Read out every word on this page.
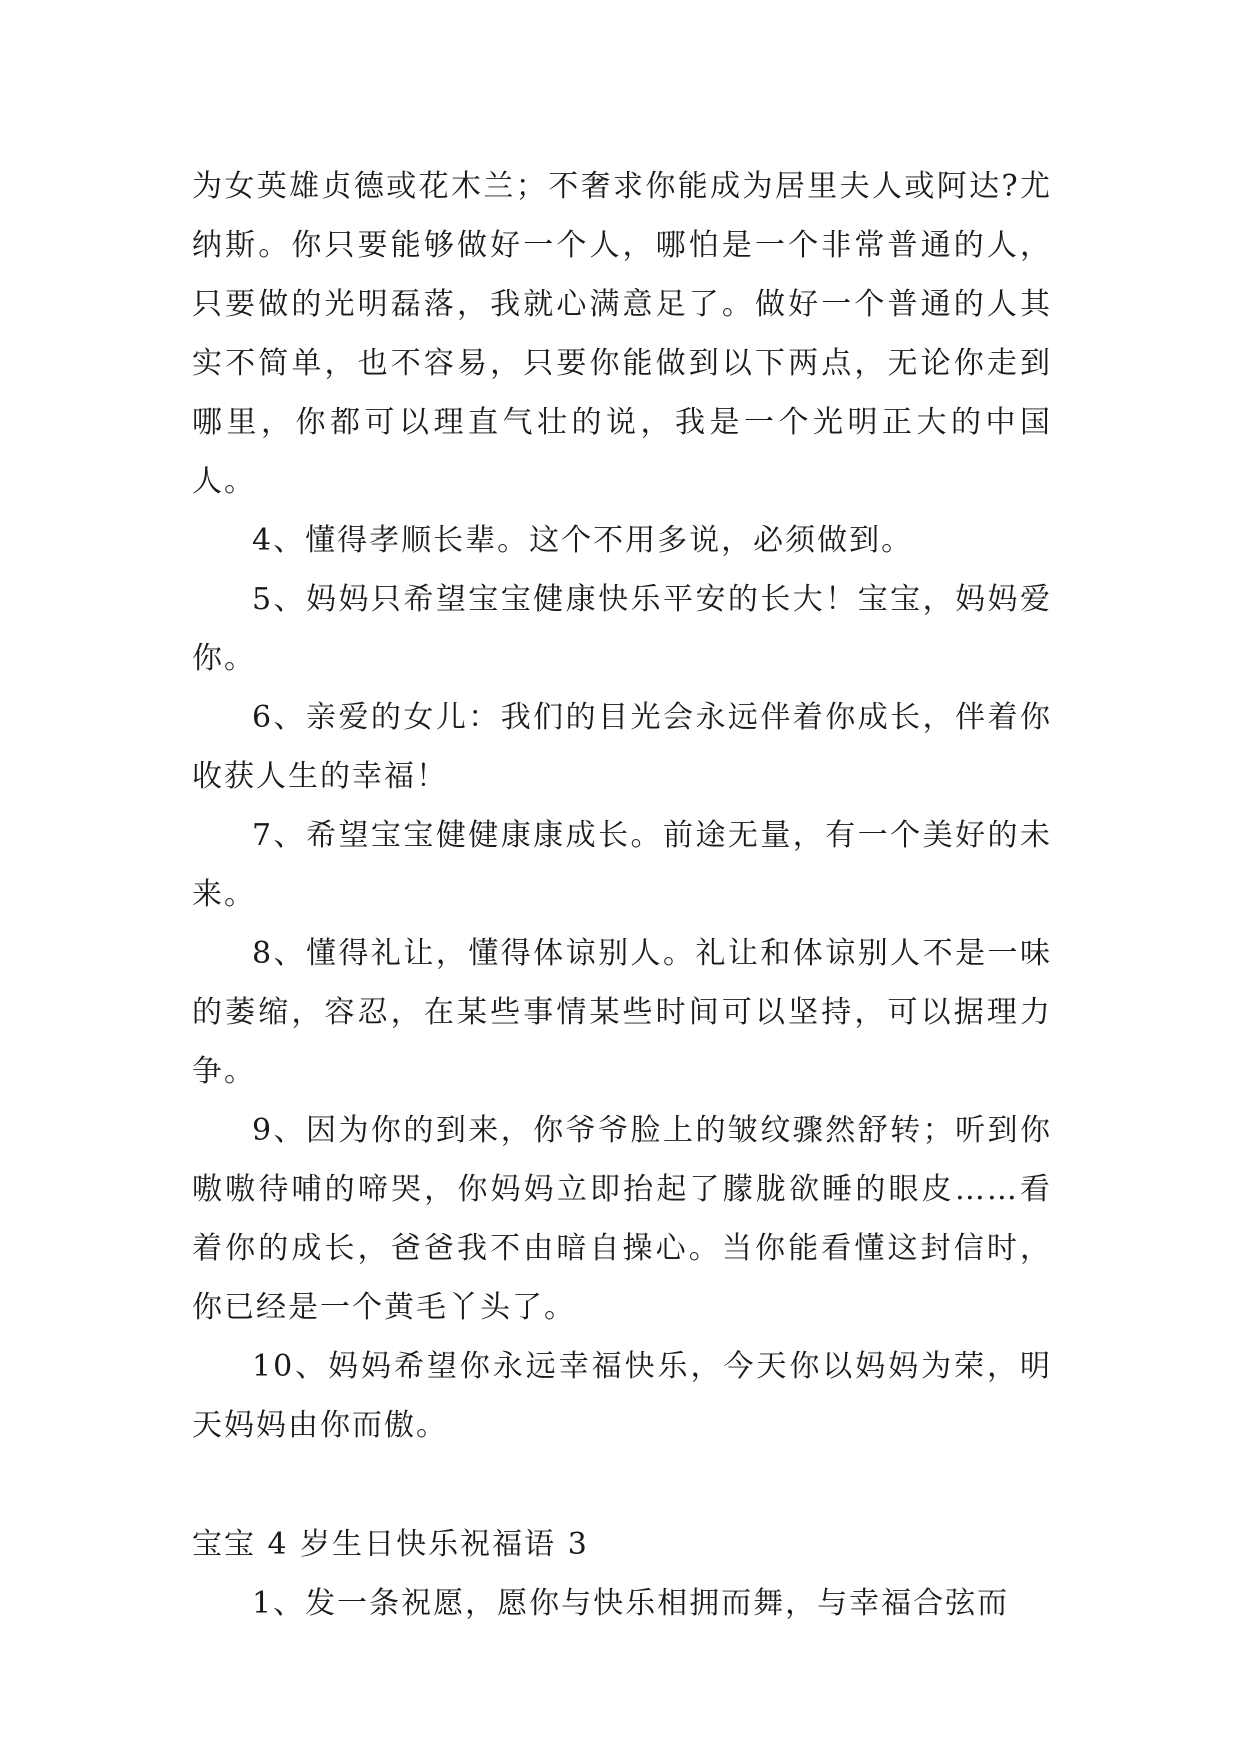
为女英雄贞德或花木兰；不奢求你能成为居里夫人或阿达?尤纳斯。你只要能够做好一个人，哪怕是一个非常普通的人，只要做的光明磊落，我就心满意足了。做好一个普通的人其实不简单，也不容易，只要你能做到以下两点，无论你走到哪里，你都可以理直气壮的说，我是一个光明正大的中国人。

4、懂得孝顺长辈。这个不用多说，必须做到。

5、妈妈只希望宝宝健康快乐平安的长大！宝宝，妈妈爱你。

6、亲爱的女儿：我们的目光会永远伴着你成长，伴着你收获人生的幸福！

7、希望宝宝健健康康成长。前途无量，有一个美好的未来。

8、懂得礼让，懂得体谅别人。礼让和体谅别人不是一味的萎缩，容忍，在某些事情某些时间可以坚持，可以据理力争。

9、因为你的到来，你爷爷脸上的皱纹骤然舒转；听到你嗷嗷待哺的啼哭，你妈妈立即抬起了朦胧欲睡的眼皮……看着你的成长，爸爸我不由暗自操心。当你能看懂这封信时，你已经是一个黄毛丫头了。

10、妈妈希望你永远幸福快乐，今天你以妈妈为荣，明天妈妈由你而傲。

宝宝 4 岁生日快乐祝福语 3

1、发一条祝愿，愿你与快乐相拥而舞，与幸福合弦而
